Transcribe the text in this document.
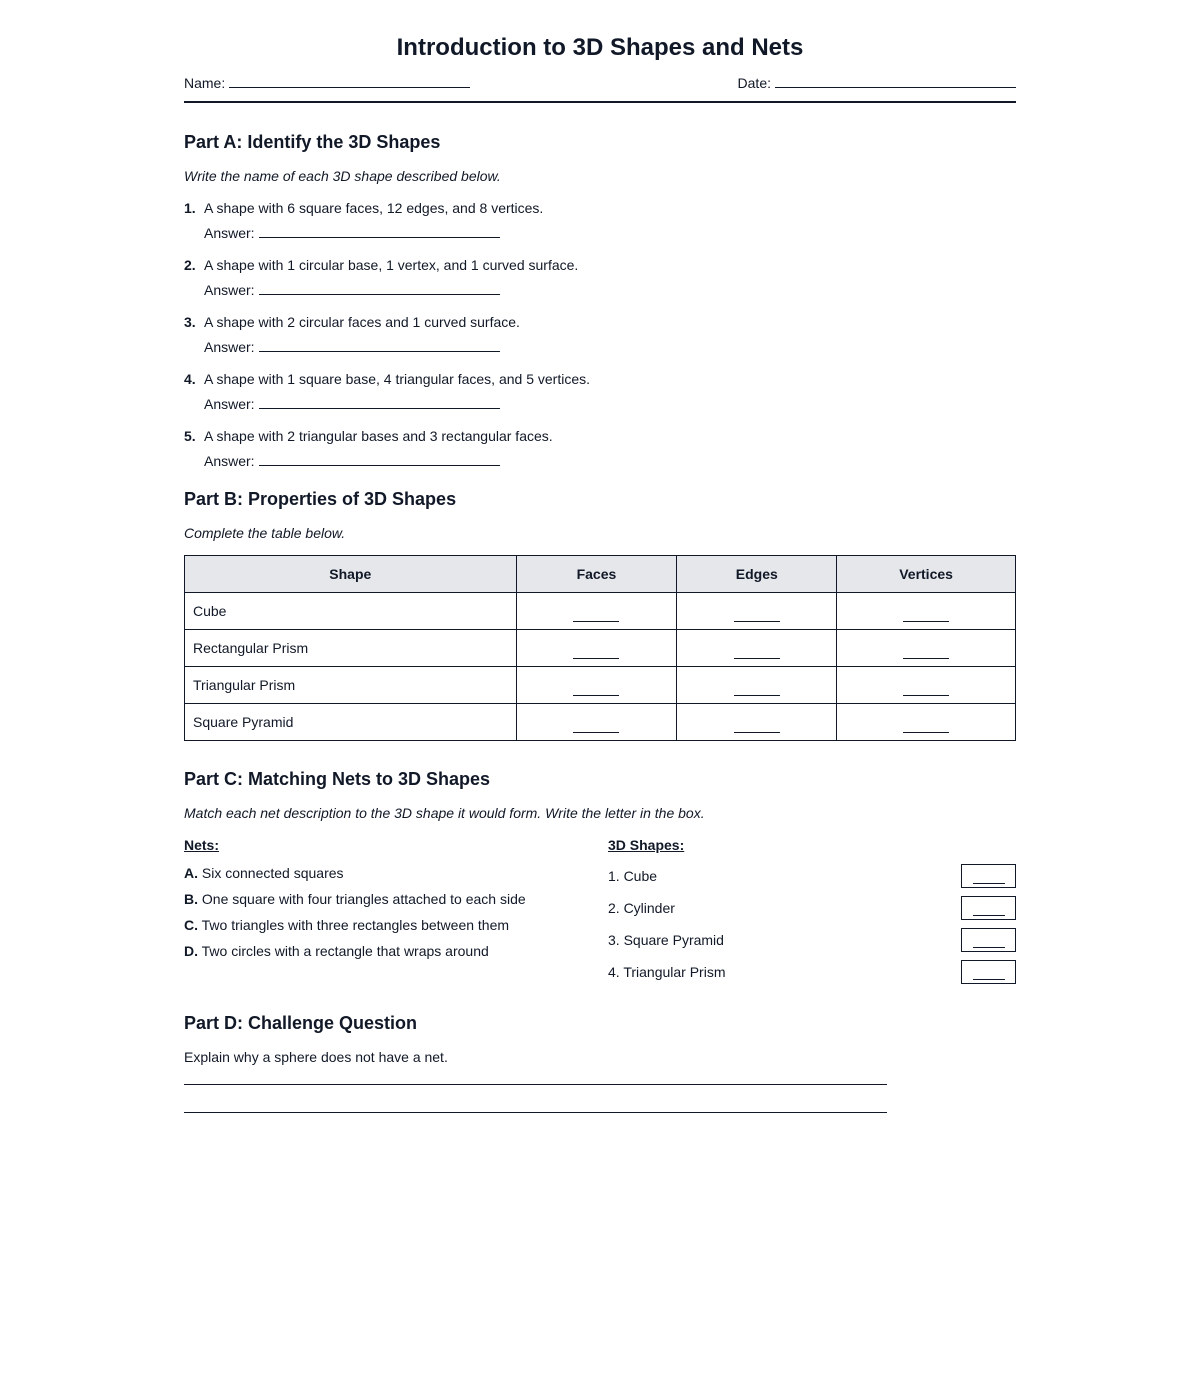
Introduction to 3D Shapes and Nets
Name:	Date:
Part A: Identify the 3D Shapes

Write the name of each 3D shape described below.

1. A shape with 6 square faces, 12 edges, and 8 vertices.
Answer:
2. A shape with 1 circular base, 1 vertex, and 1 curved surface.
Answer:
3. A shape with 2 circular faces and 1 curved surface.
Answer:
4. A shape with 1 square base, 4 triangular faces, and 5 vertices.
Answer:
5. A shape with 2 triangular bases and 3 rectangular faces.
Answer:
Part B: Properties of 3D Shapes

Complete the table below.

Shape	Faces	Edges	Vertices
Cube			
Rectangular Prism			
Triangular Prism			
Square Pyramid			
Part C: Matching Nets to 3D Shapes

Match each net description to the 3D shape it would form. Write the letter in the box.

Nets:
A. Six connected squares
B. One square with four triangles attached to each side
C. Two triangles with three rectangles between them
D. Two circles with a rectangle that wraps around
3D Shapes:
1. Cube
2. Cylinder
3. Square Pyramid
4. Triangular Prism
Part D: Challenge Question
Explain why a sphere does not have a net.
